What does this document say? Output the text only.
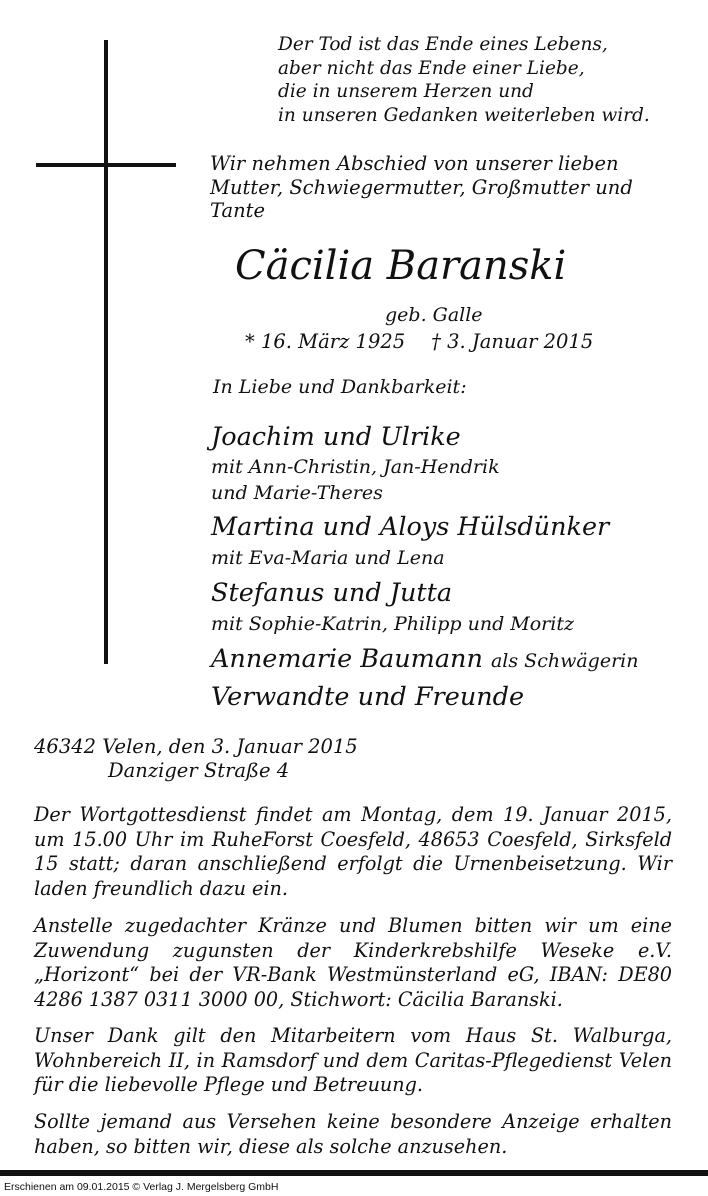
Der Tod ist das Ende eines Lebens,
aber nicht das Ende einer Liebe,
die in unserem Herzen und
in unseren Gedanken weiterleben wird.
Wir nehmen Abschied von unserer lieben
Mutter, Schwiegermutter, Großmutter und
Tante
Cäcilia Baranski
geb. Galle
* 16. März 1925 † 3. Januar 2015
In Liebe und Dankbarkeit:
Joachim und Ulrike
mit Ann-Christin, Jan-Hendrik
und Marie-Theres
Martina und Aloys Hülsdünker
mit Eva-Maria und Lena
Stefanus und Jutta
mit Sophie-Katrin, Philipp und Moritz
Annemarie Baumann als Schwägerin
Verwandte und Freunde
46342 Velen, den 3. Januar 2015
Danziger Straße 4

Der Wortgottesdienst findet am Montag, dem 19. Januar 2015, um 15.00 Uhr im RuheForst Coesfeld, 48653 Coesfeld, Sirksfeld 15 statt; daran anschließend erfolgt die Urnenbeisetzung. Wir laden freundlich dazu ein.

Anstelle zugedachter Kränze und Blumen bitten wir um eine Zuwendung zugunsten der Kinderkrebshilfe Weseke e.V. „Horizont“ bei der VR-Bank Westmünsterland eG, IBAN: DE80 4286 1387 0311 3000 00, Stichwort: Cäcilia Baranski.

Unser Dank gilt den Mitarbeitern vom Haus St. Walburga, Wohnbereich II, in Ramsdorf und dem Caritas-Pflegedienst Velen für die liebevolle Pflege und Betreuung.

Sollte jemand aus Versehen keine besondere Anzeige erhalten haben, so bitten wir, diese als solche anzusehen.

Erschienen am 09.01.2015 © Verlag J. Mergelsberg GmbH
